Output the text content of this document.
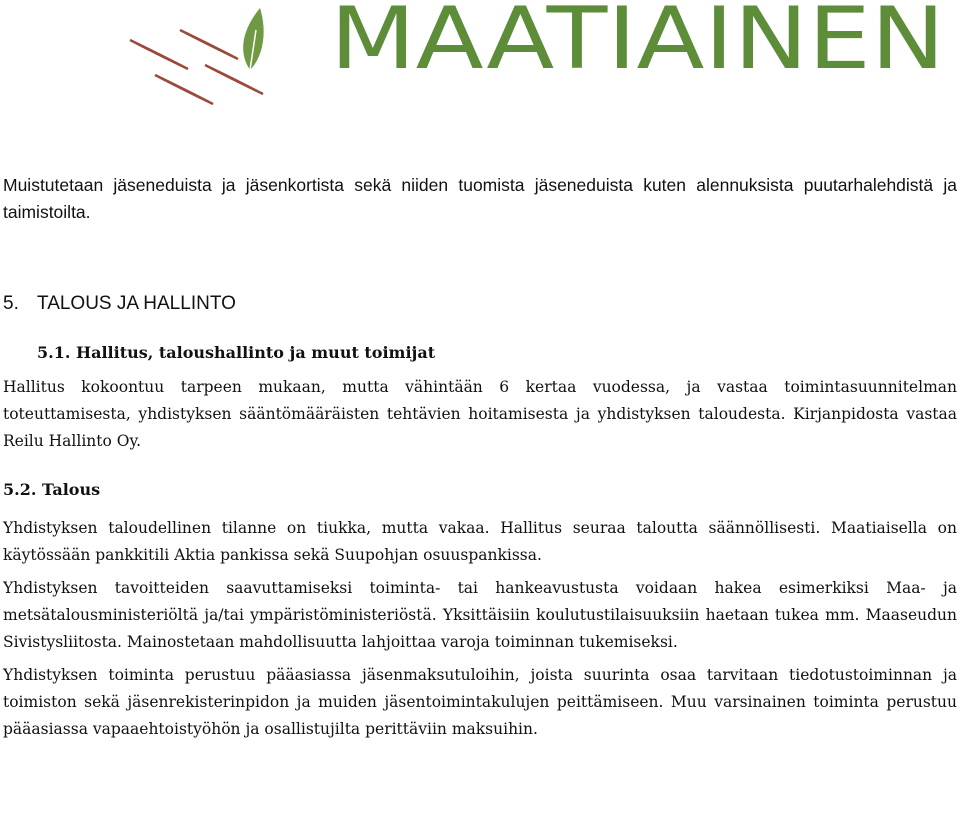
MAATIAINEN

Muistutetaan jäseneduista ja jäsenkortista sekä niiden tuomista jäseneduista kuten alennuksista puutarhalehdistä ja taimistoilta.

5. TALOUS JA HALLINTO

5.1. Hallitus, taloushallinto ja muut toimijat

Hallitus kokoontuu tarpeen mukaan, mutta vähintään 6 kertaa vuodessa, ja vastaa toimintasuunnitelman toteuttamisesta, yhdistyksen sääntömääräisten tehtävien hoitamisesta ja yhdistyksen taloudesta. Kirjanpidosta vastaa Reilu Hallinto Oy.

5.2. Talous

Yhdistyksen taloudellinen tilanne on tiukka, mutta vakaa. Hallitus seuraa taloutta säännöllisesti. Maatiaisella on käytössään pankkitili Aktia pankissa sekä Suupohjan osuuspankissa.

Yhdistyksen tavoitteiden saavuttamiseksi toiminta- tai hankeavustusta voidaan hakea esimerkiksi Maa- ja metsätalousministeriöltä ja/tai ympäristöministeriöstä. Yksittäisiin koulutustilaisuuksiin haetaan tukea mm. Maaseudun Sivistysliitosta. Mainostetaan mahdollisuutta lahjoittaa varoja toiminnan tukemiseksi.

Yhdistyksen toiminta perustuu pääasiassa jäsenmaksutuloihin, joista suurinta osaa tarvitaan tiedotustoiminnan ja toimiston sekä jäsenrekisterinpidon ja muiden jäsentoimintakulujen peittämiseen. Muu varsinainen toiminta perustuu pääasiassa vapaaehtoistyöhön ja osallistujilta perittäviin maksuihin.
